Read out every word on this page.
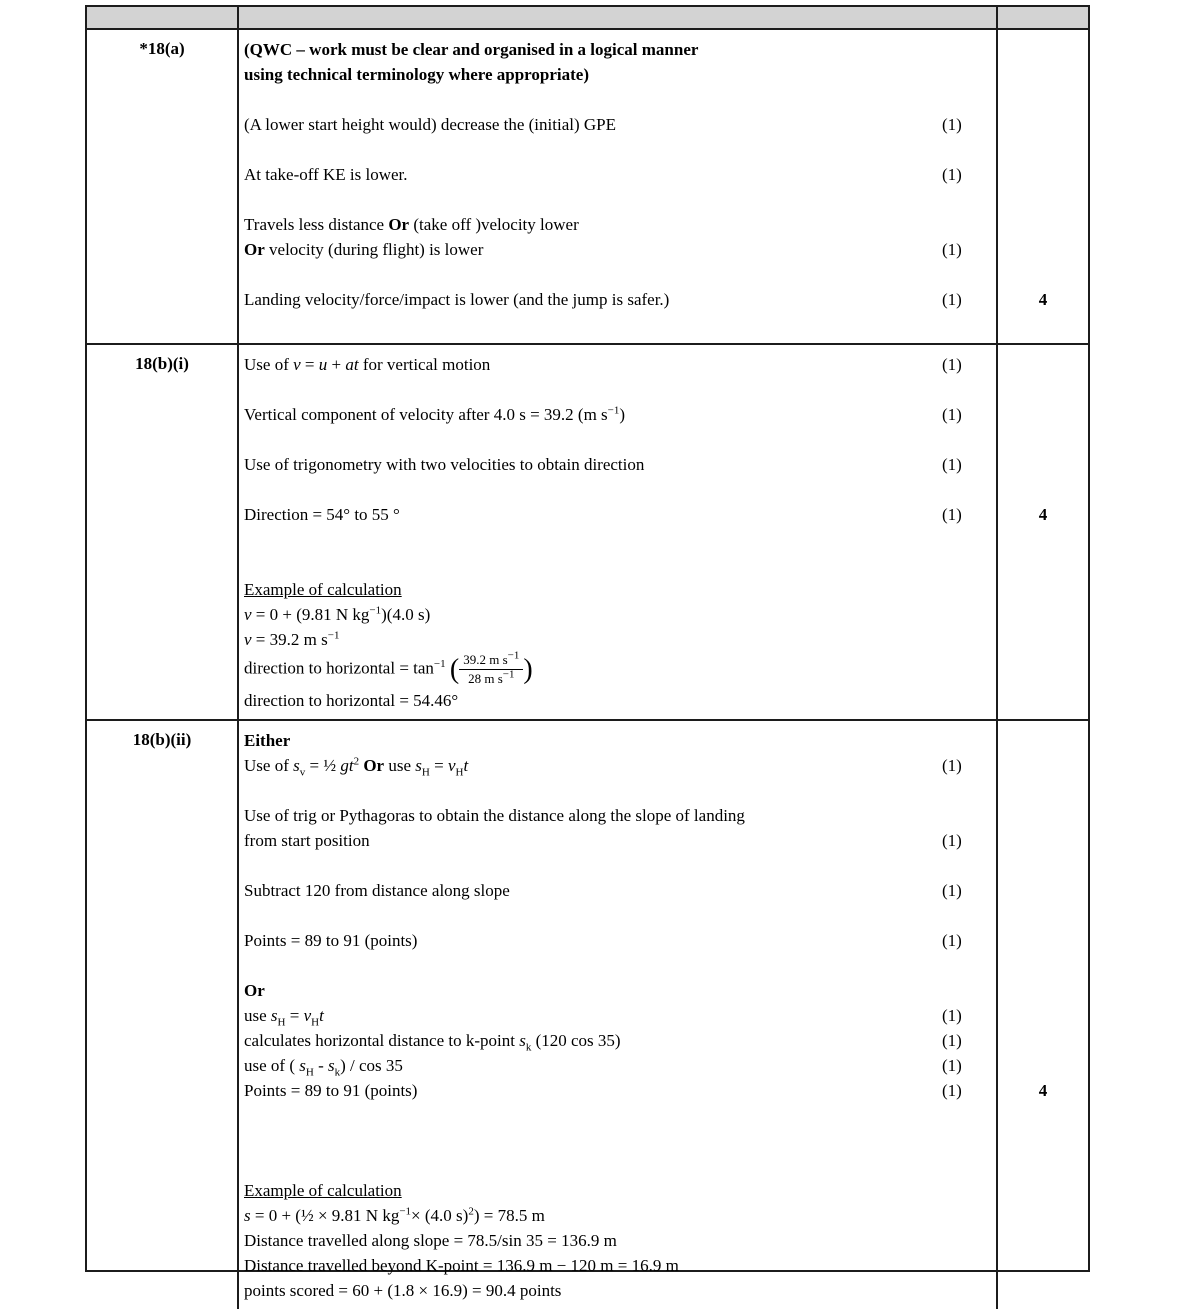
*18(a)	(QWC – work must be clear and organised in a logical manner
using technical terminology where appropriate)
(A lower start height would) decrease the (initial) GPE	(1)
At take-off KE is lower.	(1)
Travels less distance Or (take off )velocity lower
Or velocity (during flight) is lower	(1)
Landing velocity/force/impact is lower (and the jump is safer.)	(1)	4
18(b)(i)	Use of v = u + at for vertical motion	(1)
Vertical component of velocity after 4.0 s = 39.2 (m $s^{-1}$)	(1)
Use of trigonometry with two velocities to obtain direction	(1)
Direction = 54° to 55 °	(1)	4
Example of calculation
v = 0 + (9.81 N $kg^{-1})(4.0$ s)
v = 39.2 m $s^{-1}$
direction to horizontal = $\tan^{-1}$ ( $\frac{39.2 m s^{-1}}{28 m s^{-1}}$ )
direction to horizontal = 54.46°
18(b)(ii)	Either
Use of $s_v$ = ½ $gt^2$ Or use $s_H = v_Ht$	(1)
Use of trig or Pythagoras to obtain the distance along the slope of landing
from start position	(1)
Subtract 120 from distance along slope	(1)
Points = 89 to 91 (points)	(1)
Or
use $s_H = v_Ht$	(1)
calculates horizontal distance to k-point $s_k$ (120 cos 35)	(1)
use of ( $s_H - s_k$) / cos 35	(1)
Points = 89 to 91 (points)	(1)	4
Example of calculation
s = 0 + (½ × 9.81 N $kg^{-1}\times (4.0$ s)$^2$) = 78.5 m
Distance travelled along slope = 78.5/sin 35 = 136.9 m
Distance travelled beyond K-point = 136.9 m − 120 m = 16.9 m
points scored = 60 + (1.8 × 16.9) = 90.4 points
